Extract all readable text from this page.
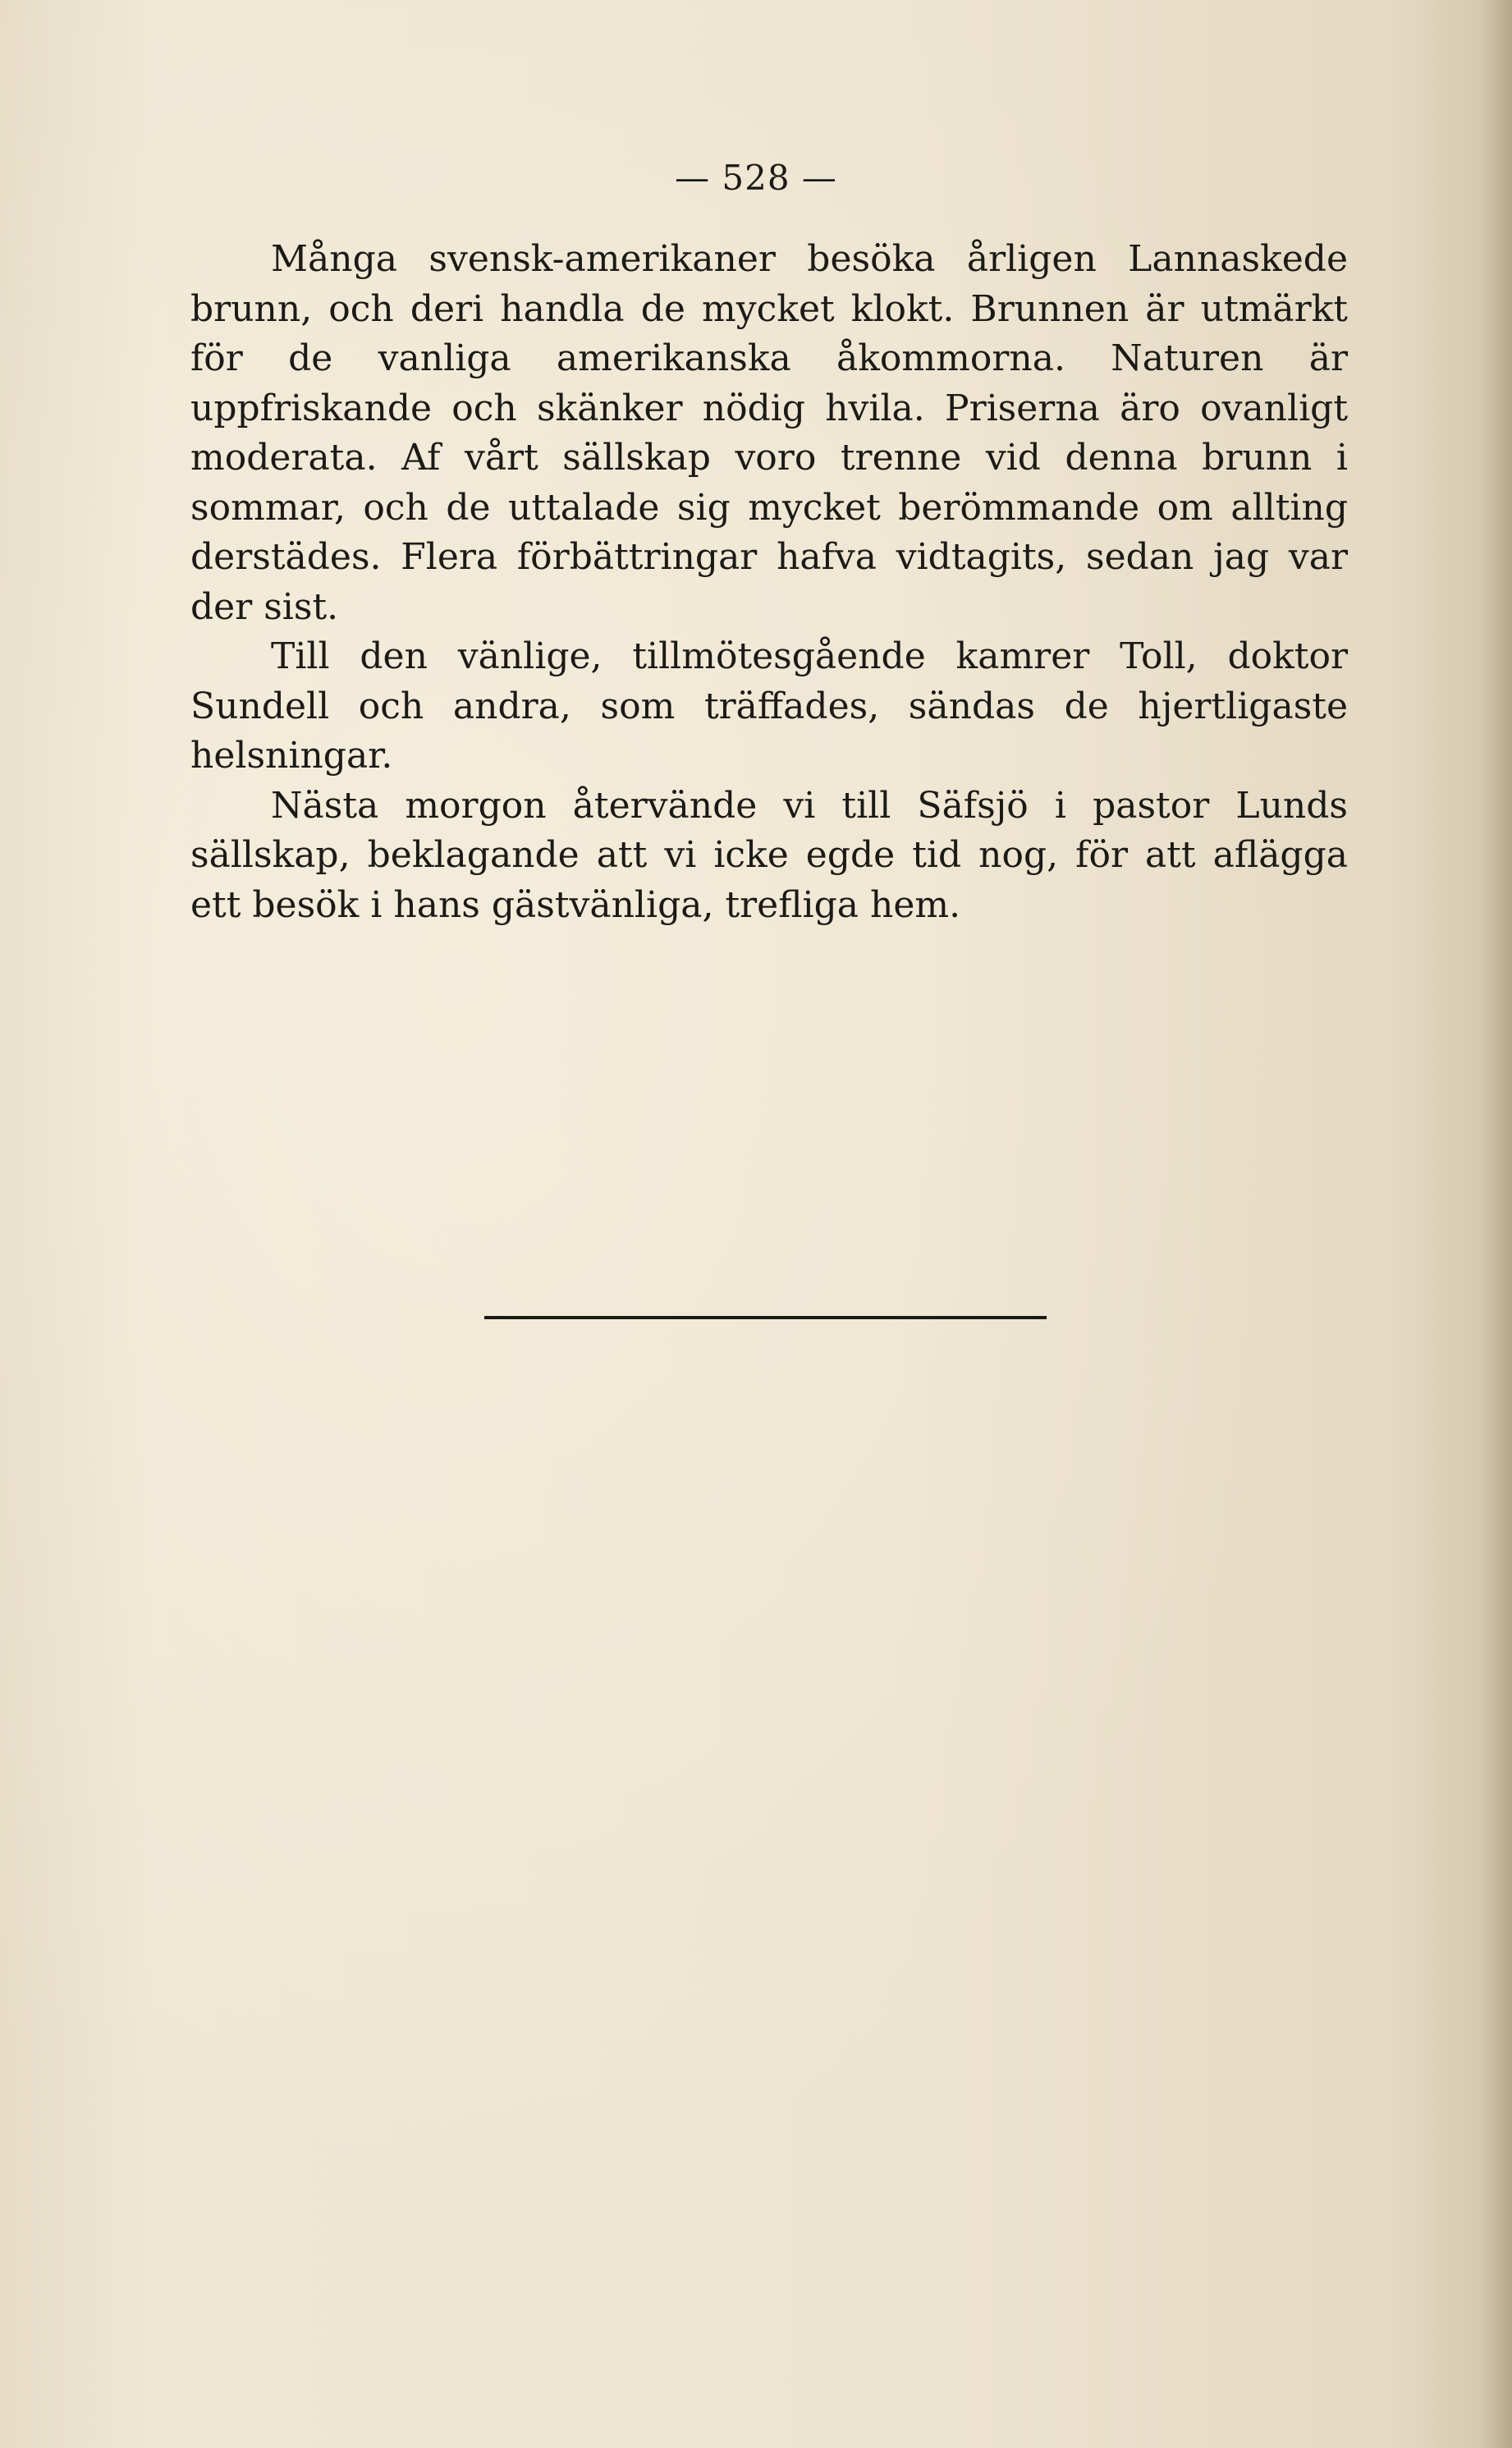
— 528 —

Många svensk-amerikaner besöka årligen Lannaskede brunn, och deri handla de mycket klokt. Brunnen är utmärkt för de vanliga amerikanska åkommorna. Naturen är uppfriskande och skänker nödig hvila. Priserna äro ovanligt moderata. Af vårt sällskap voro trenne vid denna brunn i sommar, och de uttalade sig mycket berömmande om allting derstädes. Flera förbättringar hafva vidtagits, sedan jag var der sist.

Till den vänlige, tillmötesgående kamrer Toll, doktor Sundell och andra, som träffades, sändas de hjertligaste helsningar.

Nästa morgon återvände vi till Säfsjö i pastor Lunds sällskap, beklagande att vi icke egde tid nog, för att aflägga ett besök i hans gästvänliga, trefliga hem.
